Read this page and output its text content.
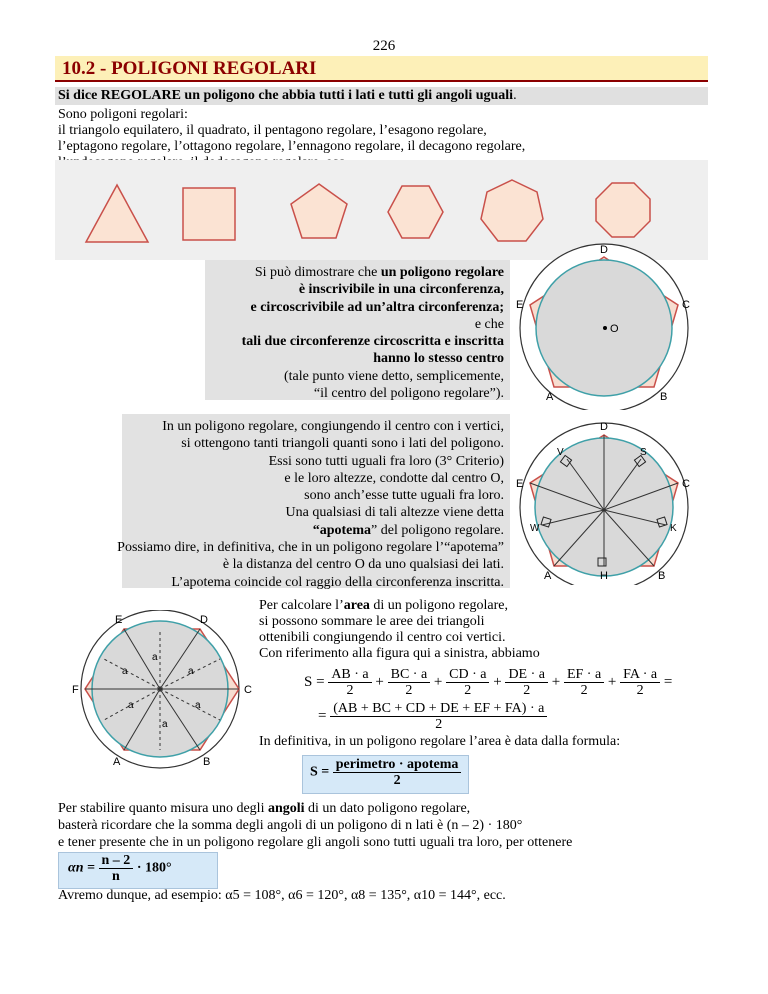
226
10.2 - POLIGONI REGOLARI
Si dice REGOLARE un poligono che abbia tutti i lati e tutti gli angoli uguali.
Sono poligoni regolari:
il triangolo equilatero, il quadrato, il pentagono regolare, l’esagono regolare,
l’eptagono regolare, l’ottagono regolare, l’ennagono regolare, il decagono regolare,

Si può dimostrare che un poligono regolare
è inscrivibile in una circonferenza,
e circoscrivibile ad un’altra circonferenza;
e che
tali due circonferenze circoscritta e inscritta
hanno lo stesso centro
(tale punto viene detto, semplicemente,
“il centro del poligono regolare”).
D
C
B
A
E
O
In un poligono regolare, congiungendo il centro con i vertici,
si ottengono tanti triangoli quanti sono i lati del poligono.
Essi sono tutti uguali fra loro (3° Criterio)
e le loro altezze, condotte dal centro O,
sono anch’esse tutte uguali fra loro.
Una qualsiasi di tali altezze viene detta
“apotema” del poligono regolare.
Possiamo dire, in definitiva, che in un poligono regolare l’“apotema”
è la distanza del centro O da uno qualsiasi dei lati.
L’apotema coincide col raggio della circonferenza inscritta.
D
C
B
A
E
V	S
K
H
W
E	D
C
B
A
F
a
a
a
a
a
a
Per calcolare l’area di un poligono regolare,
si possono sommare le aree dei triangoli
ottenibili congiungendo il centro coi vertici.
Con riferimento alla figura qui a sinistra, abbiamo
$S = \frac{AB \cdot a}{2} + \frac{BC \cdot a}{2} + \frac{CD \cdot a}{2} + \frac{DE \cdot a}{2} + \frac{EF \cdot a}{2} + \frac{FA \cdot a}{2}$ =
= $\frac{(AB + BC + CD + DE + EF + FA) \cdot a}{2}$
In definitiva, in un poligono regolare l’area è data dalla formula:
$S = \frac{\text{perimetro · apotema}}{2}$
Per stabilire quanto misura uno degli angoli di un dato poligono regolare,
basterà ricordare che la somma degli angoli di un poligono di n lati è (n – 2) · 180°
e tener presente che in un poligono regolare gli angoli sono tutti uguali tra loro, per ottenere
$\alpha n = \frac{n - 2}{n} \cdot 180^\circ$
Avremo dunque, ad esempio: α5 = 108°, α6 = 120°, α8 = 135°, α10 = 144°, ecc.
